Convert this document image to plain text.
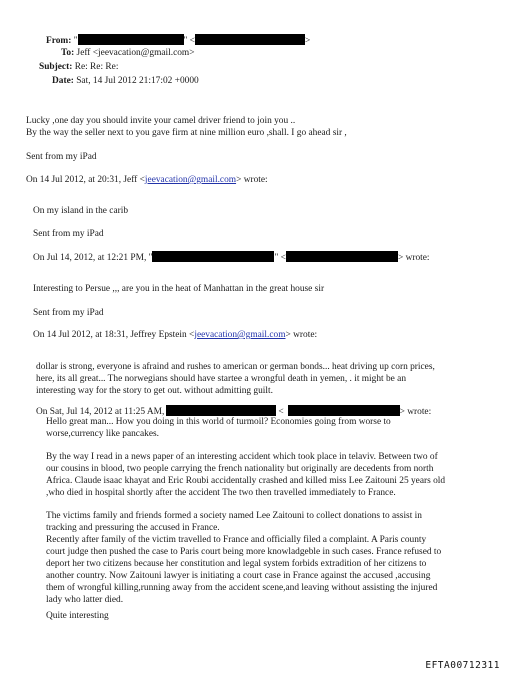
From: "	" <	>
To: Jeff <jeevacation@gmail.com>
Subject: Re: Re: Re:
Date: Sat, 14 Jul 2012 21:17:02 +0000
Lucky ,one day you should invite your camel driver friend to join you ..
By the way the seller next to you gave firm at nine million euro ,shall. I go ahead sir ,
Sent from my iPad
On 14 Jul 2012, at 20:31, Jeff <jeevacation@gmail.com> wrote:
On my island in the carib
Sent from my iPad
On Jul 14, 2012, at 12:21 PM, "	" <	> wrote:
Interesting to Persue ,,, are you in the heat of Manhattan in the great house sir
Sent from my iPad
On 14 Jul 2012, at 18:31, Jeffrey Epstein <jeevacation@gmail.com> wrote:
dollar is strong, everyone is afraind and rushes to american or german bonds... heat driving up corn prices,
here, its all great... The norwegians should have startee a wrongful death in yemen, . it might be an
interesting way for the story to get out. without admitting guilt.
On Sat, Jul 14, 2012 at 11:25 AM,	<	> wrote:
Hello great man... How you doing in this world of turmoil? Economies going from worse to
worse,currency like pancakes.
By the way I read in a news paper of an interesting accident which took place in telaviv. Between two of
our cousins in blood, two people carrying the french nationality but originally are decedents from north
Africa. Claude isaac khayat and Eric Roubi accidentally crashed and killed miss Lee Zaitouni 25 years old
,who died in hospital shortly after the accident The two then travelled immediately to France.
The victims family and friends formed a society named Lee Zaitouni to collect donations to assist in
tracking and pressuring the accused in France.
Recently after family of the victim travelled to France and officially filed a complaint. A Paris county
court judge then pushed the case to Paris court being more knowladgeble in such cases. France refused to
deport her two citizens because her constitution and legal system forbids extradition of her citizens to
another country. Now Zaitouni lawyer is initiating a court case in France against the accused ,accusing
them of wrongful killing,running away from the accident scene,and leaving without assisting the injured
lady who latter died.
Quite interesting
EFTA00712311
